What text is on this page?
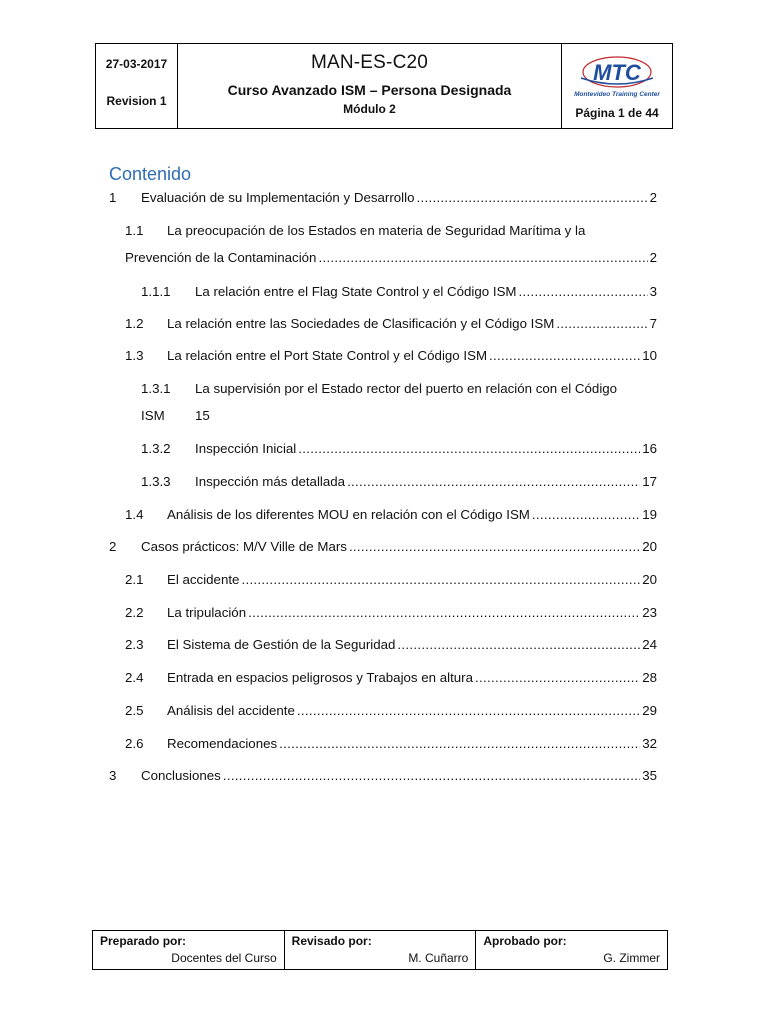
27-03-2017
Revision 1
MAN-ES-C20
Curso Avanzado ISM – Persona Designada
Módulo 2
MTC
Montevideo Training Center
Página 1 de 44
Contenido
1	Evaluación de su Implementación y Desarrollo .....	2
1.1 La preocupación de los Estados en materia de Seguridad Marítima y la
Prevención de la Contaminación .....	2
1.1.1	La relación entre el Flag State Control y el Código ISM .....	3
1.2	La relación entre las Sociedades de Clasificación y el Código ISM .....	7
1.3	La relación entre el Port State Control y el Código ISM .....	10
1.3.1 La supervisión por el Estado rector del puerto en relación con el Código
ISM 15
1.3.2	Inspección Inicial .....	16
1.3.3	Inspección más detallada .....	17
1.4	Análisis de los diferentes MOU en relación con el Código ISM .....	19
2	Casos prácticos: M/V Ville de Mars .....	20
2.1	El accidente .....	20
2.2	La tripulación .....	23
2.3	El Sistema de Gestión de la Seguridad .....	24
2.4	Entrada en espacios peligrosos y Trabajos en altura .....	28
2.5	Análisis del accidente .....	29
2.6	Recomendaciones .....	32
3	Conclusiones .....	35
Preparado por:
Docentes del Curso
Revisado por:
M. Cuñarro
Aprobado por:
G. Zimmer
